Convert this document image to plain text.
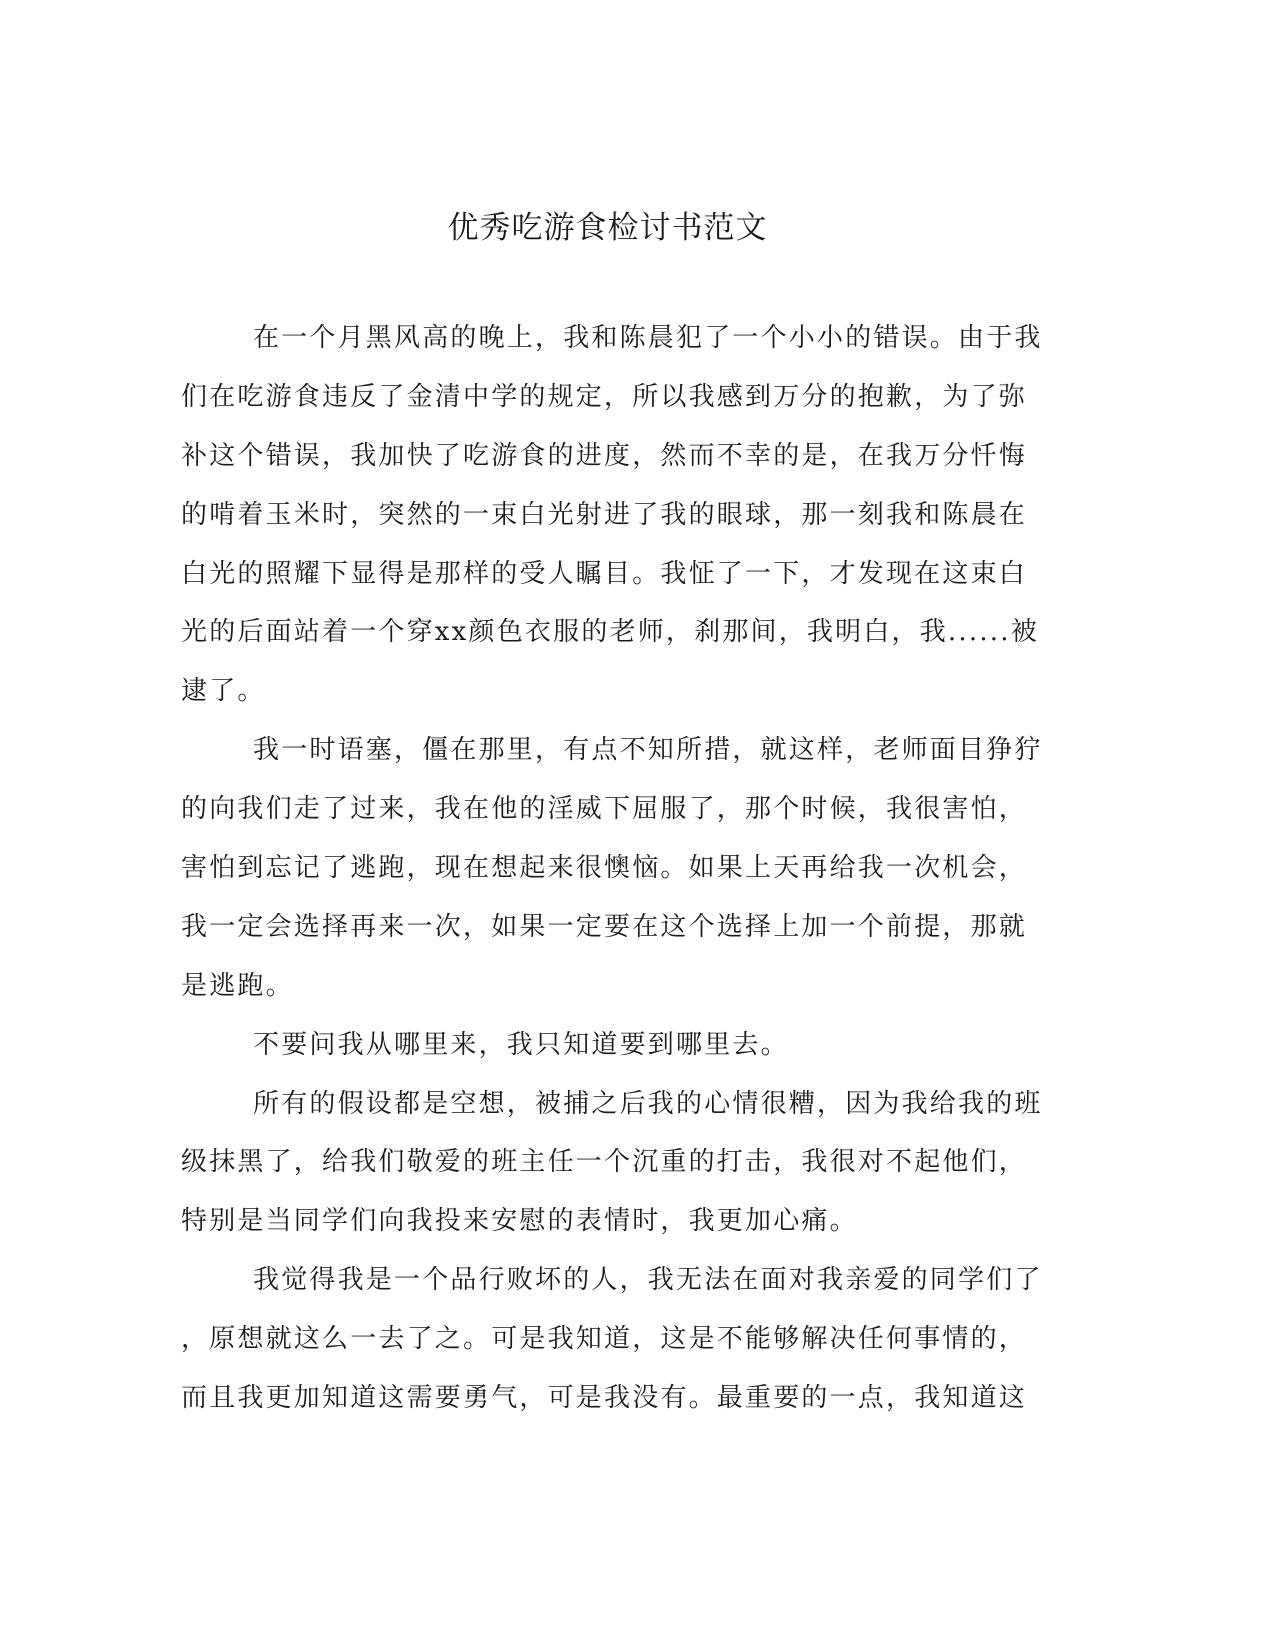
优秀吃游食检讨书范文
在一个月黑风高的晚上，我和陈晨犯了一个小小的错误。由于我
们在吃游食违反了金清中学的规定，所以我感到万分的抱歉，为了弥
补这个错误，我加快了吃游食的进度，然而不幸的是，在我万分忏悔
的啃着玉米时，突然的一束白光射进了我的眼球，那一刻我和陈晨在
白光的照耀下显得是那样的受人瞩目。我怔了一下，才发现在这束白
光的后面站着一个穿xx颜色衣服的老师，刹那间，我明白，我......被
逮了。
我一时语塞，僵在那里，有点不知所措，就这样，老师面目狰狞
的向我们走了过来，我在他的淫威下屈服了，那个时候，我很害怕，
害怕到忘记了逃跑，现在想起来很懊恼。如果上天再给我一次机会，
我一定会选择再来一次，如果一定要在这个选择上加一个前提，那就
是逃跑。
不要问我从哪里来，我只知道要到哪里去。
所有的假设都是空想，被捕之后我的心情很糟，因为我给我的班
级抹黑了，给我们敬爱的班主任一个沉重的打击，我很对不起他们，
特别是当同学们向我投来安慰的表情时，我更加心痛。
我觉得我是一个品行败坏的人，我无法在面对我亲爱的同学们了
，原想就这么一去了之。可是我知道，这是不能够解决任何事情的，
而且我更加知道这需要勇气，可是我没有。最重要的一点，我知道这
